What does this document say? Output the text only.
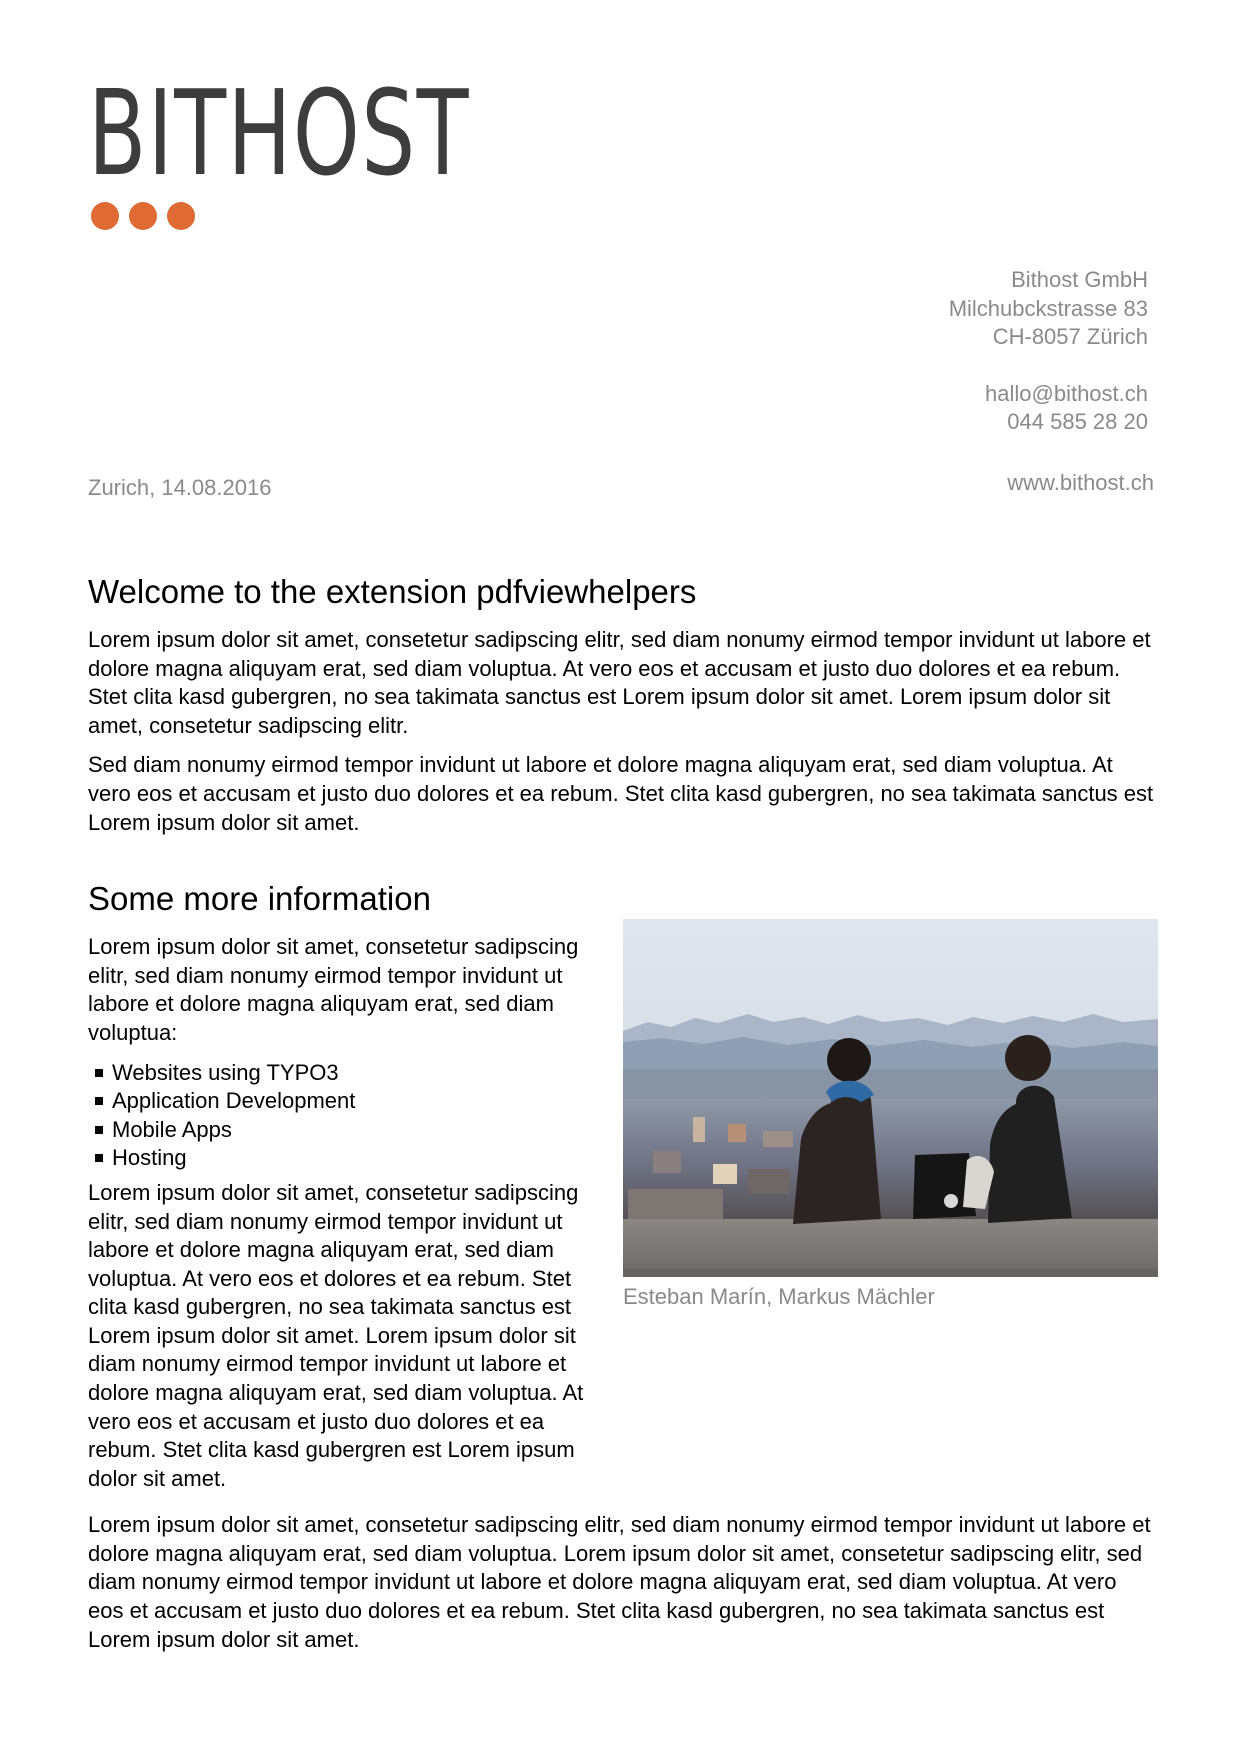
BITHOST
Bithost GmbH
Milchubckstrasse 83
CH-8057 Zürich
hallo@bithost.ch
044 585 28 20
www.bithost.ch
Zurich, 14.08.2016
Welcome to the extension pdfviewhelpers

Lorem ipsum dolor sit amet, consetetur sadipscing elitr, sed diam nonumy eirmod tempor invidunt ut labore et dolore magna aliquyam erat, sed diam voluptua. At vero eos et accusam et justo duo dolores et ea rebum. Stet clita kasd gubergren, no sea takimata sanctus est Lorem ipsum dolor sit amet. Lorem ipsum dolor sit amet, consetetur sadipscing elitr.

Sed diam nonumy eirmod tempor invidunt ut labore et dolore magna aliquyam erat, sed diam voluptua. At vero eos et accusam et justo duo dolores et ea rebum. Stet clita kasd gubergren, no sea takimata sanctus est Lorem ipsum dolor sit amet.

Some more information

Lorem ipsum dolor sit amet, consetetur sadipscing elitr, sed diam nonumy eirmod tempor invidunt ut labore et dolore magna aliquyam erat, sed diam voluptua:

Websites using TYPO3
Application Development
Mobile Apps
Hosting

Lorem ipsum dolor sit amet, consetetur sadipscing elitr, sed diam nonumy eirmod tempor invidunt ut labore et dolore magna aliquyam erat, sed diam voluptua. At vero eos et dolores et ea rebum. Stet clita kasd gubergren, no sea takimata sanctus est Lorem ipsum dolor sit amet. Lorem ipsum dolor sit diam nonumy eirmod tempor invidunt ut labore et dolore magna aliquyam erat, sed diam voluptua. At vero eos et accusam et justo duo dolores et ea rebum. Stet clita kasd gubergren est Lorem ipsum dolor sit amet.

Esteban Marín, Markus Mächler

Lorem ipsum dolor sit amet, consetetur sadipscing elitr, sed diam nonumy eirmod tempor invidunt ut labore et dolore magna aliquyam erat, sed diam voluptua. Lorem ipsum dolor sit amet, consetetur sadipscing elitr, sed diam nonumy eirmod tempor invidunt ut labore et dolore magna aliquyam erat, sed diam voluptua. At vero eos et accusam et justo duo dolores et ea rebum. Stet clita kasd gubergren, no sea takimata sanctus est Lorem ipsum dolor sit amet.
